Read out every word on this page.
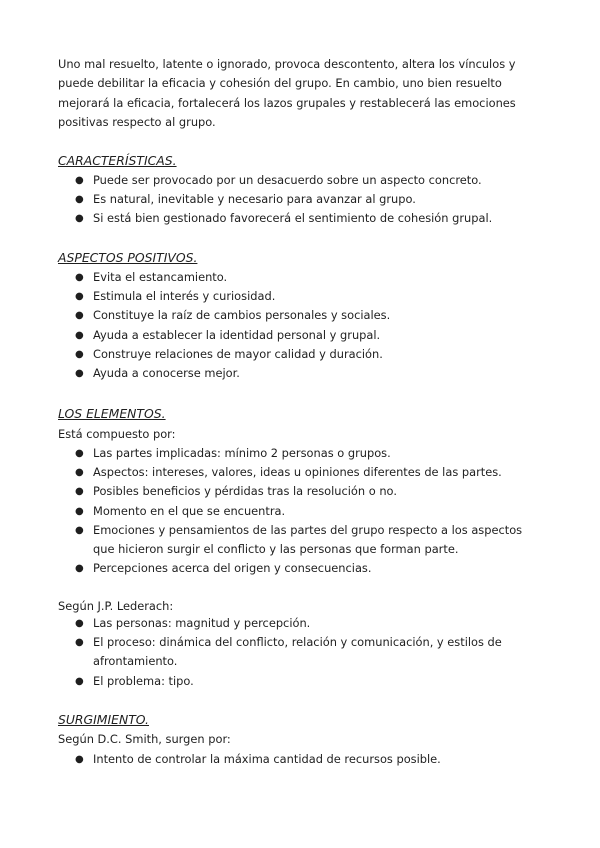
Uno mal resuelto, latente o ignorado, provoca descontento, altera los vínculos y puede debilitar la eficacia y cohesión del grupo. En cambio, uno bien resuelto mejorará la eficacia, fortalecerá los lazos grupales y restablecerá las emociones positivas respecto al grupo.

CARACTERÍSTICAS.

● Puede ser provocado por un desacuerdo sobre un aspecto concreto.
● Es natural, inevitable y necesario para avanzar al grupo.
● Si está bien gestionado favorecerá el sentimiento de cohesión grupal.

ASPECTOS POSITIVOS.

● Evita el estancamiento.
● Estimula el interés y curiosidad.
● Constituye la raíz de cambios personales y sociales.
● Ayuda a establecer la identidad personal y grupal.
● Construye relaciones de mayor calidad y duración.
● Ayuda a conocerse mejor.

LOS ELEMENTOS.

Está compuesto por:

● Las partes implicadas: mínimo 2 personas o grupos.
● Aspectos: intereses, valores, ideas u opiniones diferentes de las partes.
● Posibles beneficios y pérdidas tras la resolución o no.
● Momento en el que se encuentra.
● Emociones y pensamientos de las partes del grupo respecto a los aspectos que hicieron surgir el conflicto y las personas que forman parte.
● Percepciones acerca del origen y consecuencias.

Según J.P. Lederach:

● Las personas: magnitud y percepción.
● El proceso: dinámica del conflicto, relación y comunicación, y estilos de afrontamiento.
● El problema: tipo.

SURGIMIENTO.

Según D.C. Smith, surgen por:

● Intento de controlar la máxima cantidad de recursos posible.
